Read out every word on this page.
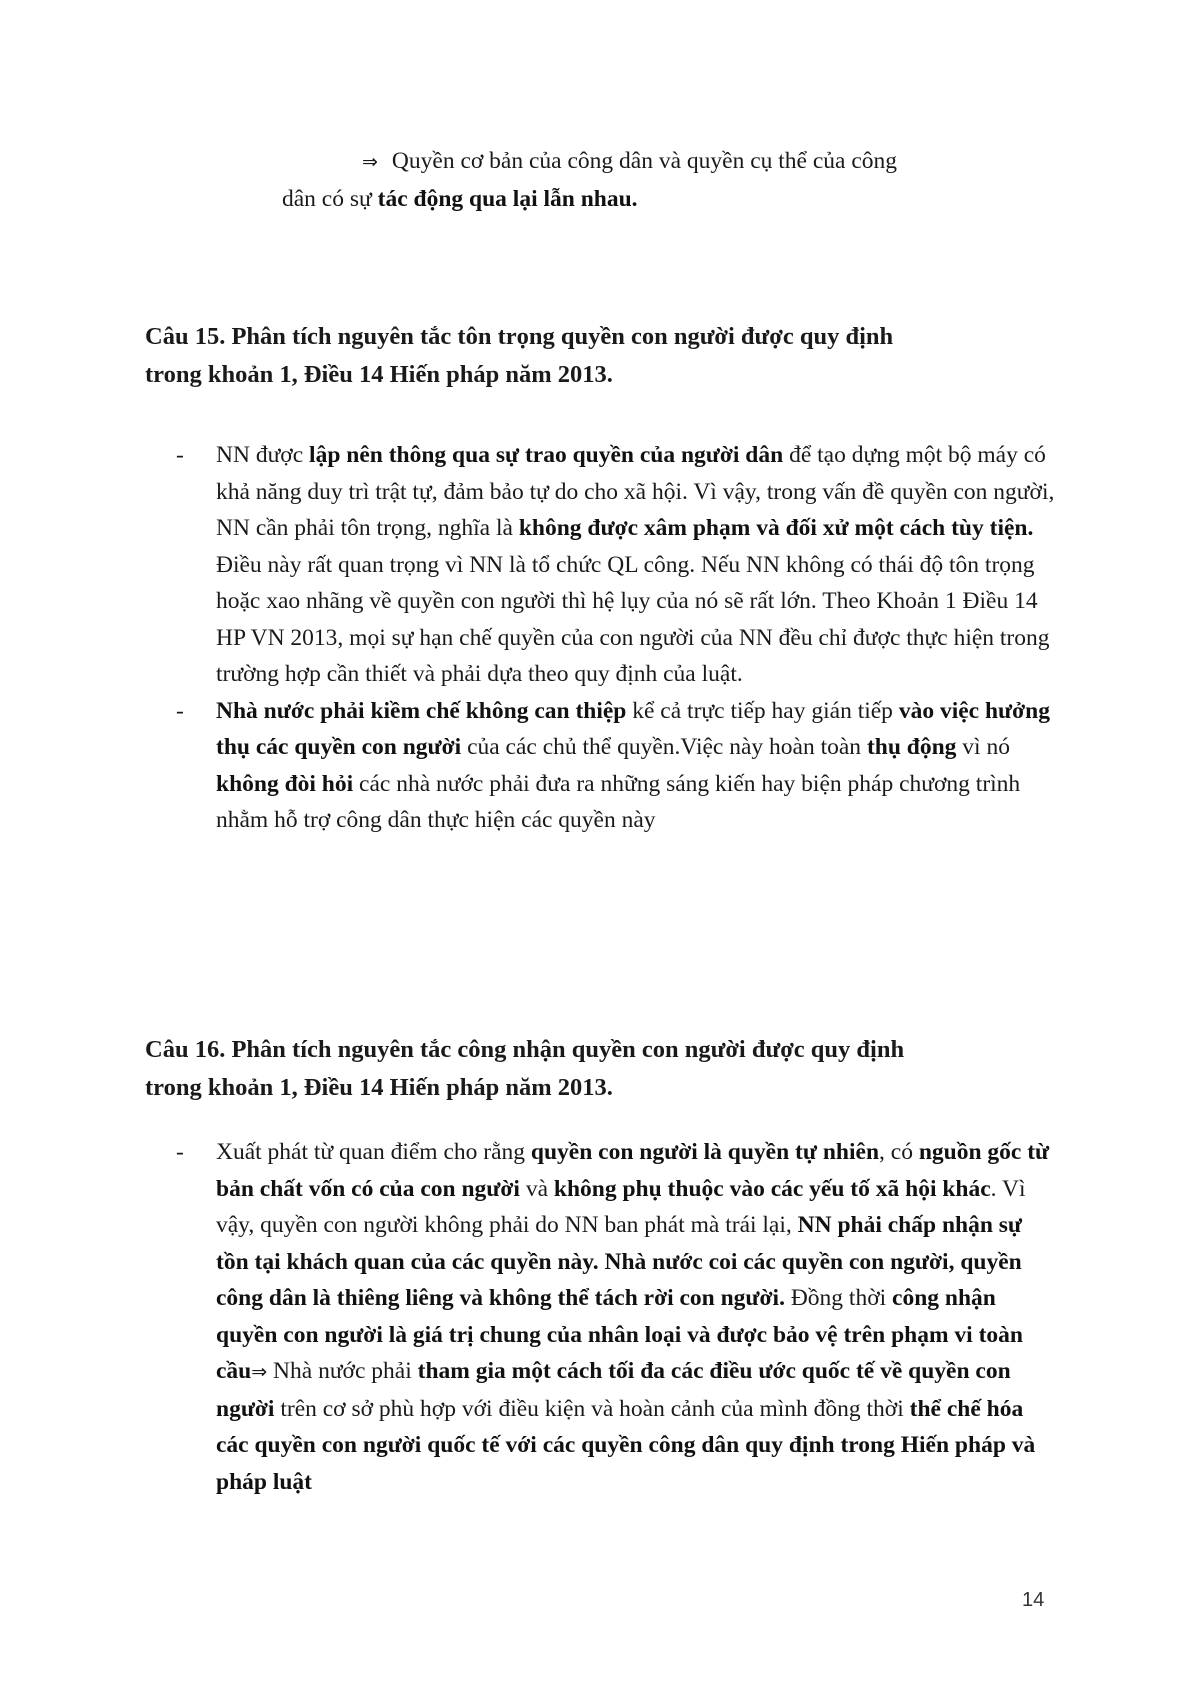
⇒ Quyền cơ bản của công dân và quyền cụ thể của công
dân có sự tác động qua lại lẫn nhau.
Câu 15. Phân tích nguyên tắc tôn trọng quyền con người được quy định
trong khoản 1, Điều 14 Hiến pháp năm 2013.
- NN được lập nên thông qua sự trao quyền của người dân để tạo dựng một bộ máy có khả năng duy trì trật tự, đảm bảo tự do cho xã hội. Vì vậy, trong vấn đề quyền con người, NN cần phải tôn trọng, nghĩa là không được xâm phạm và đối xử một cách tùy tiện. Điều này rất quan trọng vì NN là tổ chức QL công. Nếu NN không có thái độ tôn trọng hoặc xao nhãng về quyền con người thì hệ lụy của nó sẽ rất lớn. Theo Khoản 1 Điều 14 HP VN 2013, mọi sự hạn chế quyền của con người của NN đều chỉ được thực hiện trong trường hợp cần thiết và phải dựa theo quy định của luật.
- Nhà nước phải kiềm chế không can thiệp kể cả trực tiếp hay gián tiếp vào việc hưởng thụ các quyền con người của các chủ thể quyền.Việc này hoàn toàn thụ động vì nó không đòi hỏi các nhà nước phải đưa ra những sáng kiến hay biện pháp chương trình nhằm hỗ trợ công dân thực hiện các quyền này
Câu 16. Phân tích nguyên tắc công nhận quyền con người được quy định
trong khoản 1, Điều 14 Hiến pháp năm 2013.
- Xuất phát từ quan điểm cho rằng quyền con người là quyền tự nhiên, có nguồn gốc từ bản chất vốn có của con người và không phụ thuộc vào các yếu tố xã hội khác. Vì vậy, quyền con người không phải do NN ban phát mà trái lại, NN phải chấp nhận sự tồn tại khách quan của các quyền này. Nhà nước coi các quyền con người, quyền công dân là thiêng liêng và không thể tách rời con người. Đồng thời công nhận quyền con người là giá trị chung của nhân loại và được bảo vệ trên phạm vi toàn cầu⇒ Nhà nước phải tham gia một cách tối đa các điều ước quốc tế về quyền con người trên cơ sở phù hợp với điều kiện và hoàn cảnh của mình đồng thời thể chế hóa các quyền con người quốc tế với các quyền công dân quy định trong Hiến pháp và pháp luật
14
